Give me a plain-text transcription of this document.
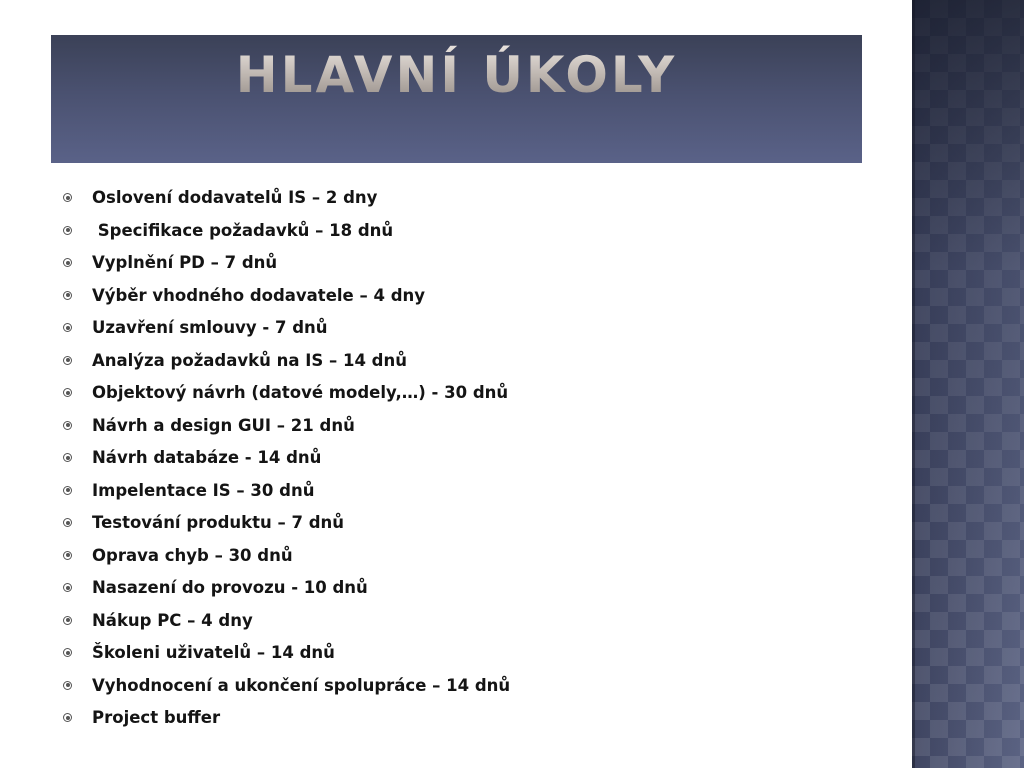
HLAVNÍ ÚKOLY
Oslovení dodavatelů IS – 2 dny
Specifikace požadavků – 18 dnů
Vyplnění PD – 7 dnů
Výběr vhodného dodavatele – 4 dny
Uzavření smlouvy - 7 dnů
Analýza požadavků na IS – 14 dnů
Objektový návrh (datové modely,…) - 30 dnů
Návrh a design GUI – 21 dnů
Návrh databáze - 14 dnů
Impelentace IS – 30 dnů
Testování produktu – 7 dnů
Oprava chyb – 30 dnů
Nasazení do provozu - 10 dnů
Nákup PC – 4 dny
Školeni uživatelů – 14 dnů
Vyhodnocení a ukončení spolupráce – 14 dnů
Project buffer
